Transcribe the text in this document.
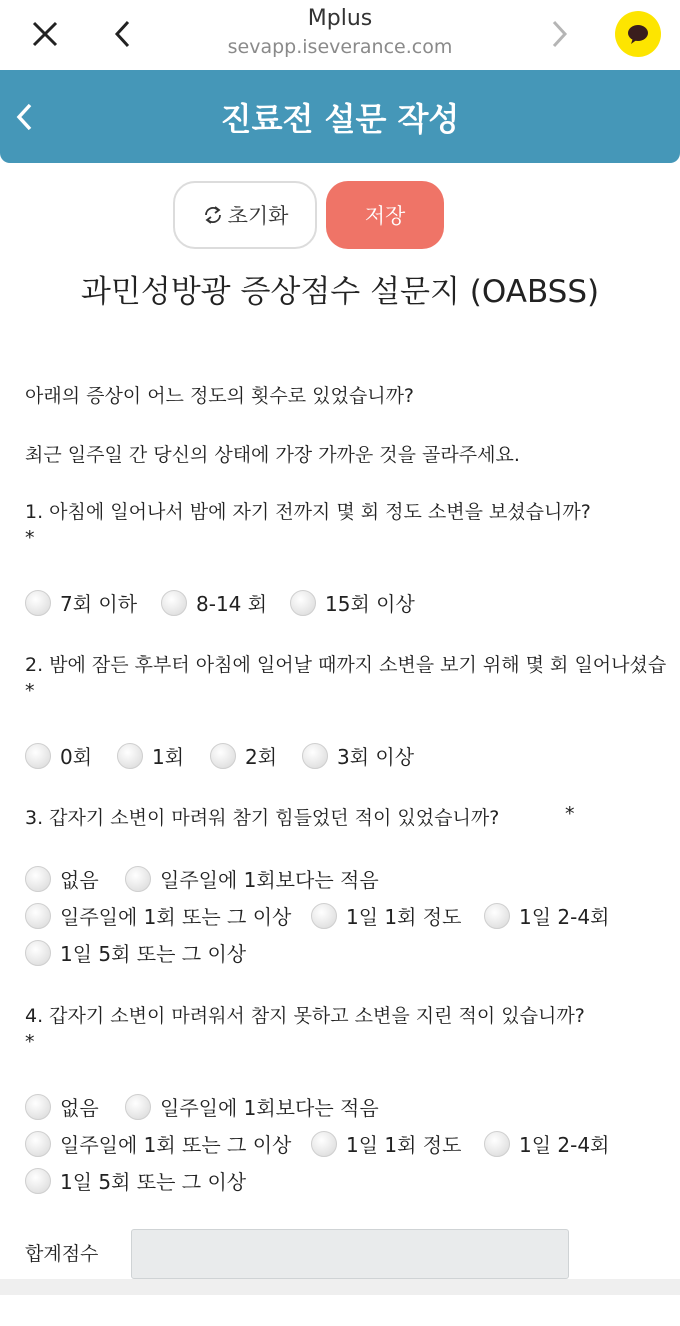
Mplus
sevapp.iseverance.com
진료전 설문 작성
초기화	저장
과민성방광 증상점수 설문지 (OABSS)
아래의 증상이 어느 정도의 횟수로 있었습니까?
최근 일주일 간 당신의 상태에 가장 가까운 것을 골라주세요.
1. 아침에 일어나서 밤에 자기 전까지 몇 회 정도 소변을 보셨습니까?
*
7회 이하	8-14 회	15회 이상
2. 밤에 잠든 후부터 아침에 일어날 때까지 소변을 보기 위해 몇 회 일어나셨습
*
0회	1회	2회	3회 이상
3. 갑자기 소변이 마려워 참기 힘들었던 적이 있었습니까?	*
없음	일주일에 1회보다는 적음
일주일에 1회 또는 그 이상	1일 1회 정도	1일 2-4회
1일 5회 또는 그 이상
4. 갑자기 소변이 마려워서 참지 못하고 소변을 지린 적이 있습니까?
*
없음	일주일에 1회보다는 적음
일주일에 1회 또는 그 이상	1일 1회 정도	1일 2-4회
1일 5회 또는 그 이상
합계점수
